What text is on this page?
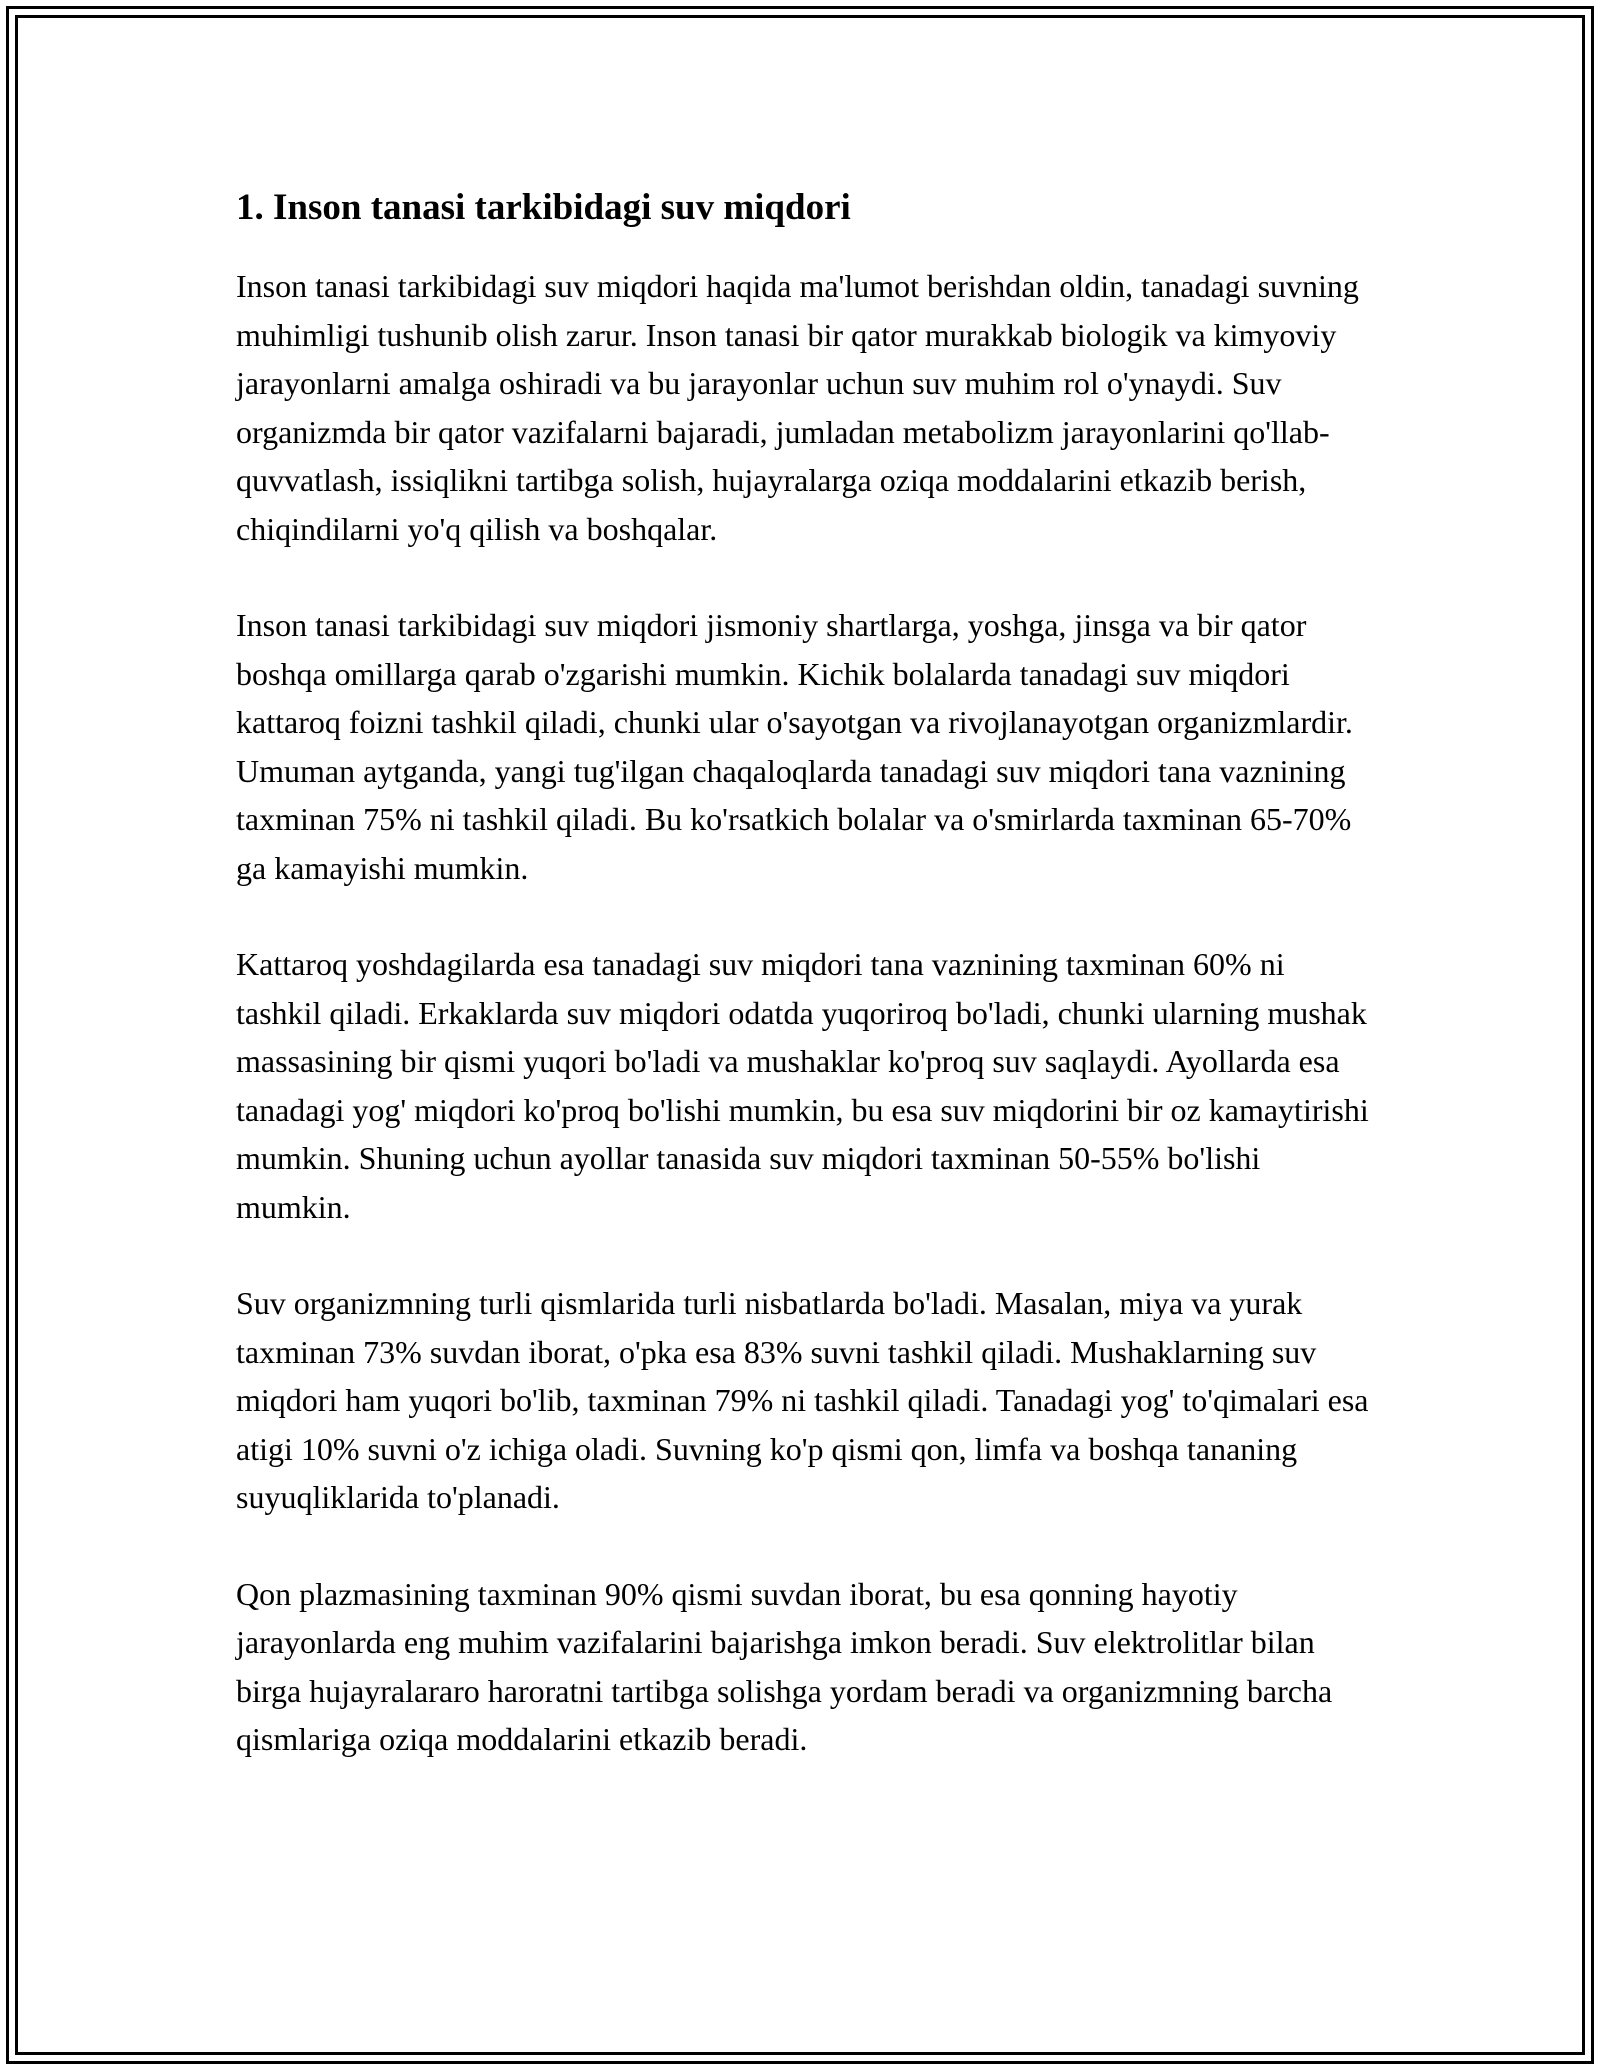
1. Inson tanasi tarkibidagi suv miqdori

Inson tanasi tarkibidagi suv miqdori haqida ma'lumot berishdan oldin, tanadagi suvning muhimligi tushunib olish zarur. Inson tanasi bir qator murakkab biologik va kimyoviy jarayonlarni amalga oshiradi va bu jarayonlar uchun suv muhim rol o'ynaydi. Suv organizmda bir qator vazifalarni bajaradi, jumladan metabolizm jarayonlarini qo'llab-quvvatlash, issiqlikni tartibga solish, hujayralarga oziqa moddalarini etkazib berish, chiqindilarni yo'q qilish va boshqalar.

Inson tanasi tarkibidagi suv miqdori jismoniy shartlarga, yoshga, jinsga va bir qator boshqa omillarga qarab o'zgarishi mumkin. Kichik bolalarda tanadagi suv miqdori kattaroq foizni tashkil qiladi, chunki ular o'sayotgan va rivojlanayotgan organizmlardir. Umuman aytganda, yangi tug'ilgan chaqaloqlarda tanadagi suv miqdori tana vaznining taxminan 75% ni tashkil qiladi. Bu ko'rsatkich bolalar va o'smirlarda taxminan 65-70% ga kamayishi mumkin.

Kattaroq yoshdagilarda esa tanadagi suv miqdori tana vaznining taxminan 60% ni tashkil qiladi. Erkaklarda suv miqdori odatda yuqoriroq bo'ladi, chunki ularning mushak massasining bir qismi yuqori bo'ladi va mushaklar ko'proq suv saqlaydi. Ayollarda esa tanadagi yog' miqdori ko'proq bo'lishi mumkin, bu esa suv miqdorini bir oz kamaytirishi mumkin. Shuning uchun ayollar tanasida suv miqdori taxminan 50-55% bo'lishi mumkin.

Suv organizmning turli qismlarida turli nisbatlarda bo'ladi. Masalan, miya va yurak taxminan 73% suvdan iborat, o'pka esa 83% suvni tashkil qiladi. Mushaklarning suv miqdori ham yuqori bo'lib, taxminan 79% ni tashkil qiladi. Tanadagi yog' to'qimalari esa atigi 10% suvni o'z ichiga oladi. Suvning ko'p qismi qon, limfa va boshqa tananing suyuqliklarida to'planadi.

Qon plazmasining taxminan 90% qismi suvdan iborat, bu esa qonning hayotiy jarayonlarda eng muhim vazifalarini bajarishga imkon beradi. Suv elektrolitlar bilan birga hujayralararo haroratni tartibga solishga yordam beradi va organizmning barcha qismlariga oziqa moddalarini etkazib beradi.
